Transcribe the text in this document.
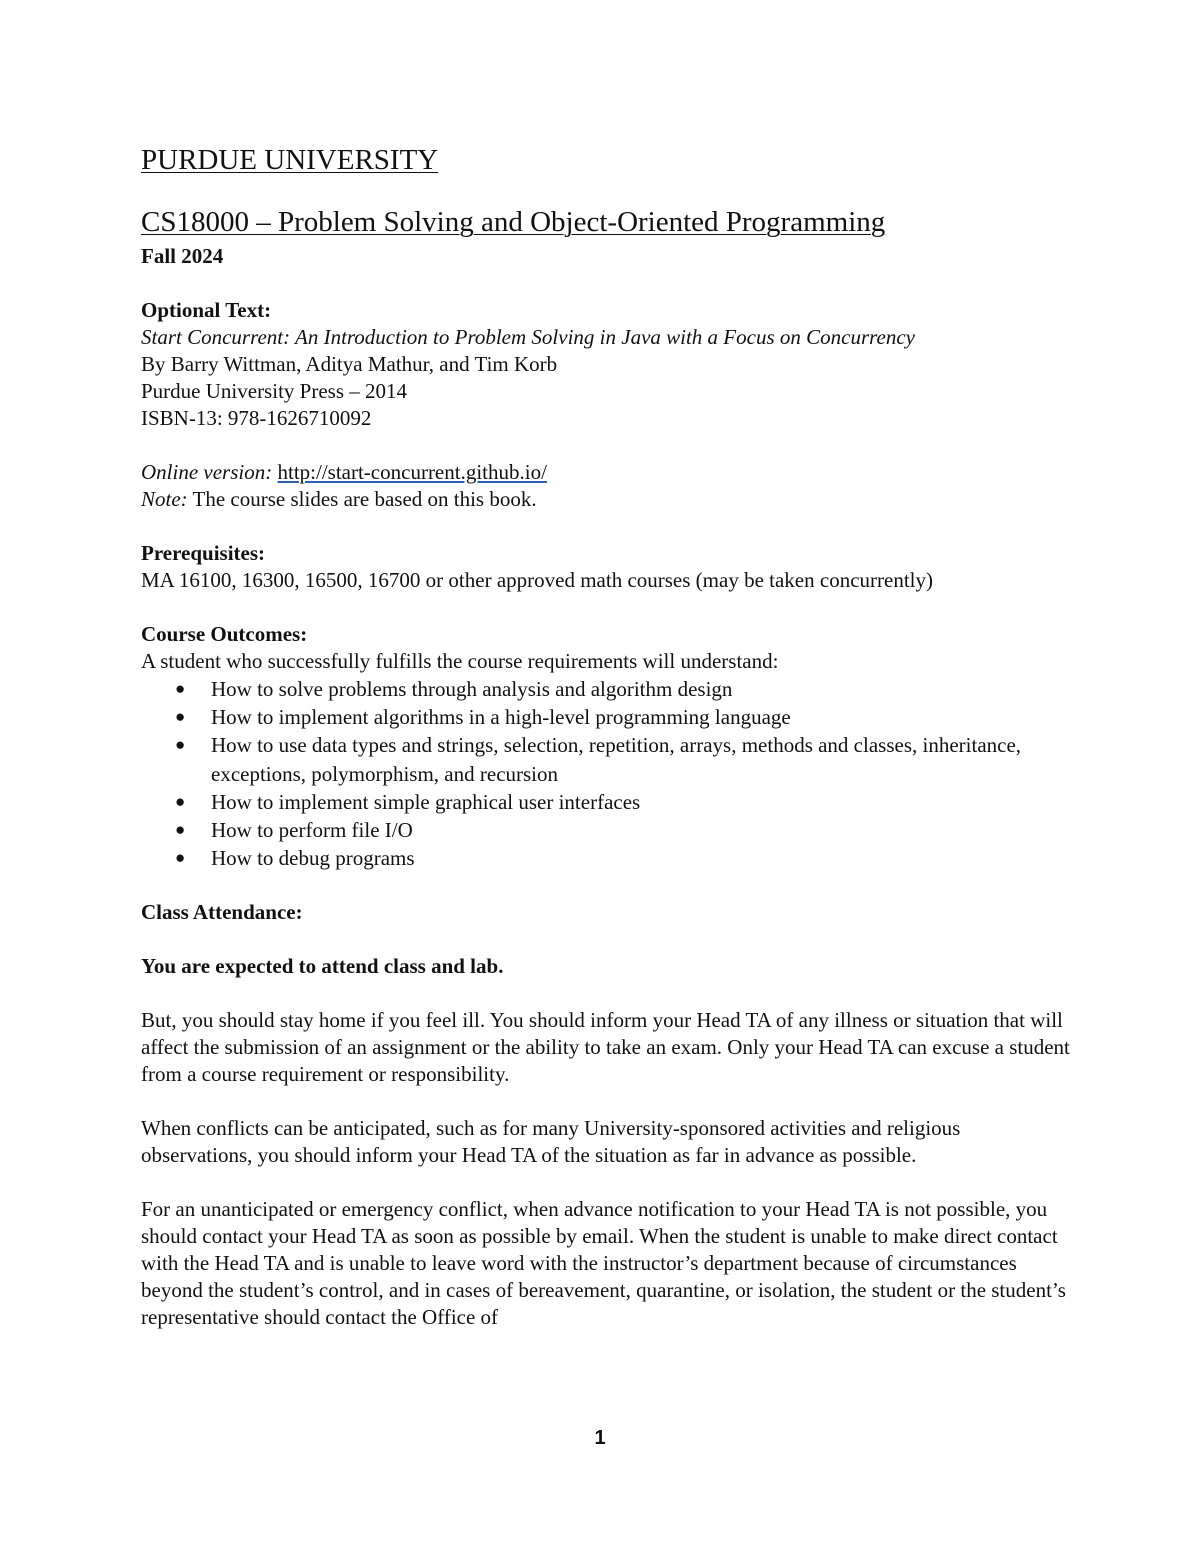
PURDUE UNIVERSITY
CS18000 – Problem Solving and Object-Oriented Programming
Fall 2024
Optional Text:
Start Concurrent: An Introduction to Problem Solving in Java with a Focus on Concurrency
By Barry Wittman, Aditya Mathur, and Tim Korb
Purdue University Press – 2014
ISBN-13: 978-1626710092
Online version: http://start-concurrent.github.io/
Note: The course slides are based on this book.
Prerequisites:
MA 16100, 16300, 16500, 16700 or other approved math courses (may be taken concurrently)
Course Outcomes:
A student who successfully fulfills the course requirements will understand:
● How to solve problems through analysis and algorithm design
● How to implement algorithms in a high-level programming language
● How to use data types and strings, selection, repetition, arrays, methods and classes, inheritance, exceptions, polymorphism, and recursion
● How to implement simple graphical user interfaces
● How to perform file I/O
● How to debug programs
Class Attendance:
You are expected to attend class and lab.

But, you should stay home if you feel ill. You should inform your Head TA of any illness or situation that will affect the submission of an assignment or the ability to take an exam. Only your Head TA can excuse a student from a course requirement or responsibility.

When conflicts can be anticipated, such as for many University-sponsored activities and religious observations, you should inform your Head TA of the situation as far in advance as possible.

For an unanticipated or emergency conflict, when advance notification to your Head TA is not possible, you should contact your Head TA as soon as possible by email. When the student is unable to make direct contact with the Head TA and is unable to leave word with the instructor’s department because of circumstances beyond the student’s control, and in cases of bereavement, quarantine, or isolation, the student or the student’s representative should contact the Office of

1
